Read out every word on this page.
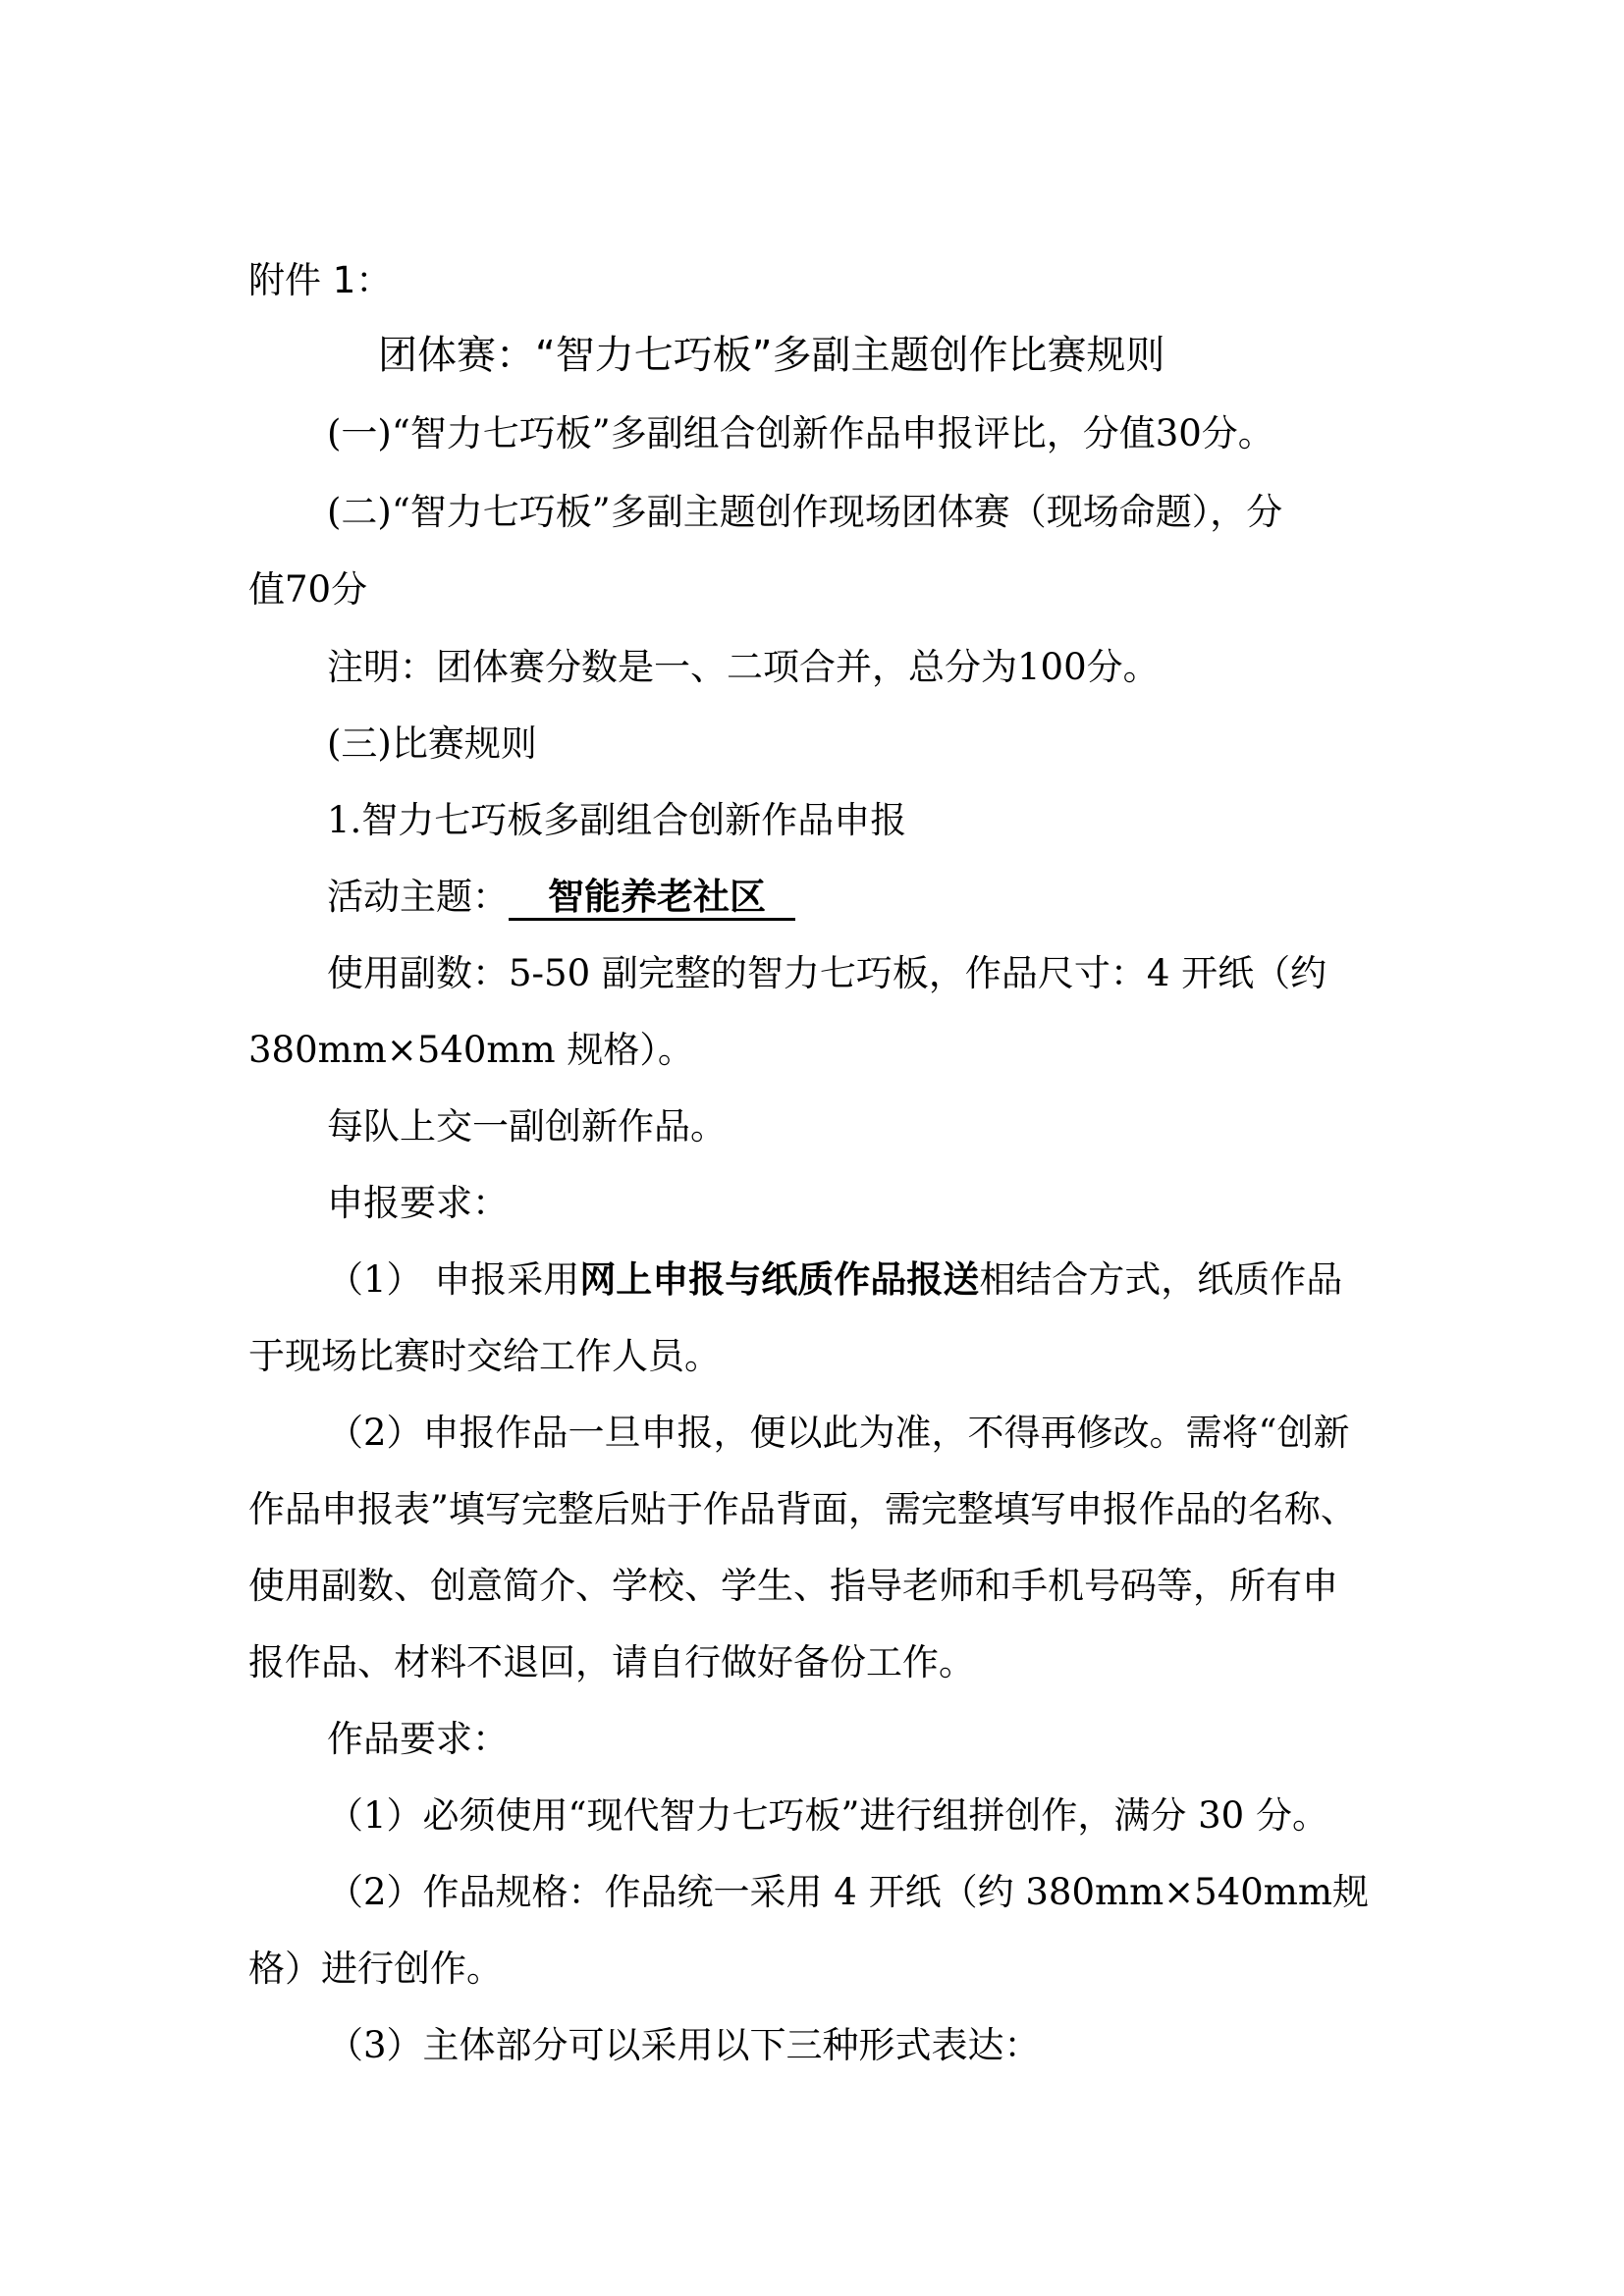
附件 1：
团体赛：“智力七巧板”多副主题创作比赛规则
(一)“智力七巧板”多副组合创新作品申报评比，分值30分。
(二)“智力七巧板”多副主题创作现场团体赛（现场命题），分
值70分
注明：团体赛分数是一、二项合并，总分为100分。
(三)比赛规则
1.智力七巧板多副组合创新作品申报
活动主题： 智能养老社区
使用副数：5-50 副完整的智力七巧板，作品尺寸：4 开纸（约
380mm×540mm 规格）。
每队上交一副创新作品。
申报要求：
（1） 申报采用网上申报与纸质作品报送相结合方式，纸质作品
于现场比赛时交给工作人员。
（2）申报作品一旦申报，便以此为准，不得再修改。需将“创新
作品申报表”填写完整后贴于作品背面，需完整填写申报作品的名称、
使用副数、创意简介、学校、学生、指导老师和手机号码等，所有申
报作品、材料不退回，请自行做好备份工作。
作品要求：
（1）必须使用“现代智力七巧板”进行组拼创作，满分 30 分。
（2）作品规格：作品统一采用 4 开纸（约 380mm×540mm规
格）进行创作。
（3）主体部分可以采用以下三种形式表达：
